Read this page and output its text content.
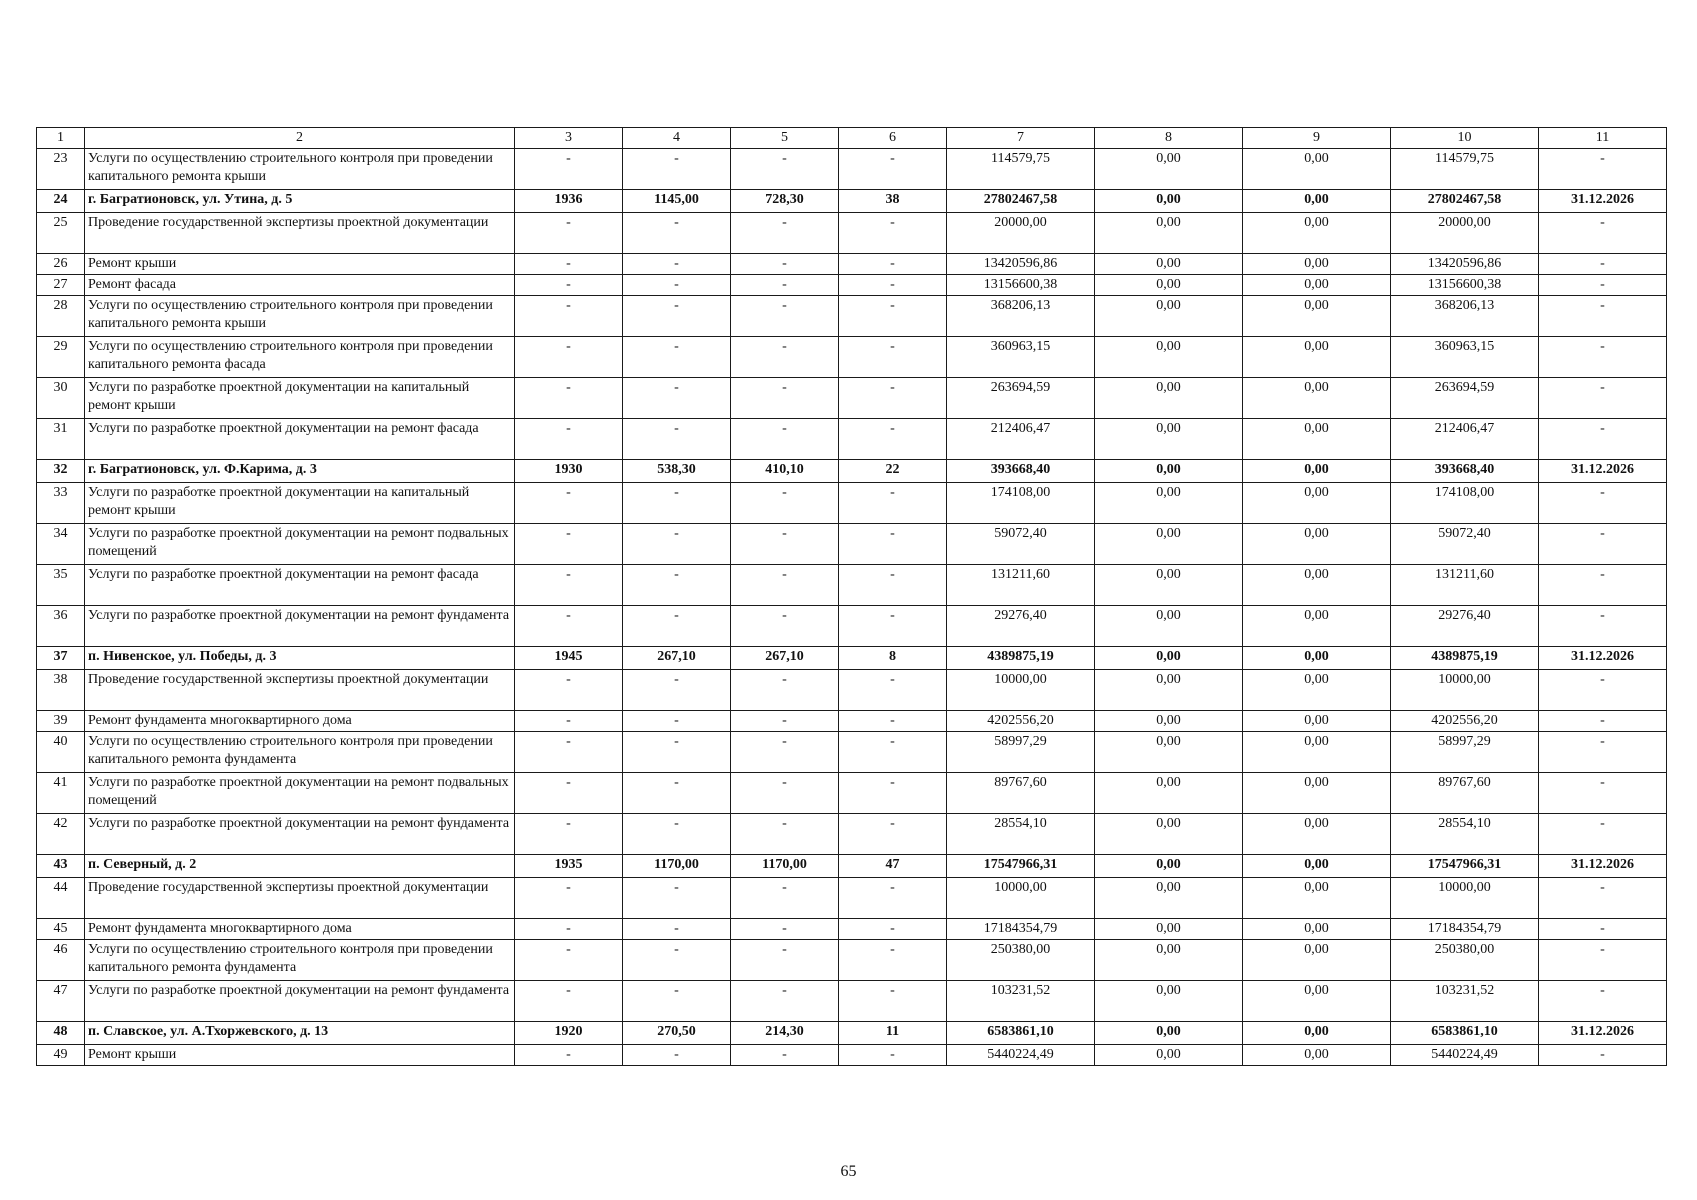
1	2	3	4	5	6	7	8	9	10	11
23	Услуги по осуществлению строительного контроля при проведении капитального ремонта крыши	-	-	-	-	114579,75	0,00	0,00	114579,75	-
24	г. Багратионовск, ул. Утина, д. 5	1936	1145,00	728,30	38	27802467,58	0,00	0,00	27802467,58	31.12.2026
25	Проведение государственной экспертизы проектной документации	-	-	-	-	20000,00	0,00	0,00	20000,00	-
26	Ремонт крыши	-	-	-	-	13420596,86	0,00	0,00	13420596,86	-
27	Ремонт фасада	-	-	-	-	13156600,38	0,00	0,00	13156600,38	-
28	Услуги по осуществлению строительного контроля при проведении капитального ремонта крыши	-	-	-	-	368206,13	0,00	0,00	368206,13	-
29	Услуги по осуществлению строительного контроля при проведении капитального ремонта фасада	-	-	-	-	360963,15	0,00	0,00	360963,15	-
30	Услуги по разработке проектной документации на капитальный ремонт крыши	-	-	-	-	263694,59	0,00	0,00	263694,59	-
31	Услуги по разработке проектной документации на ремонт фасада	-	-	-	-	212406,47	0,00	0,00	212406,47	-
32	г. Багратионовск, ул. Ф.Карима, д. 3	1930	538,30	410,10	22	393668,40	0,00	0,00	393668,40	31.12.2026
33	Услуги по разработке проектной документации на капитальный ремонт крыши	-	-	-	-	174108,00	0,00	0,00	174108,00	-
34	Услуги по разработке проектной документации на ремонт подвальных помещений	-	-	-	-	59072,40	0,00	0,00	59072,40	-
35	Услуги по разработке проектной документации на ремонт фасада	-	-	-	-	131211,60	0,00	0,00	131211,60	-
36	Услуги по разработке проектной документации на ремонт фундамента	-	-	-	-	29276,40	0,00	0,00	29276,40	-
37	п. Нивенское, ул. Победы, д. 3	1945	267,10	267,10	8	4389875,19	0,00	0,00	4389875,19	31.12.2026
38	Проведение государственной экспертизы проектной документации	-	-	-	-	10000,00	0,00	0,00	10000,00	-
39	Ремонт фундамента многоквартирного дома	-	-	-	-	4202556,20	0,00	0,00	4202556,20	-
40	Услуги по осуществлению строительного контроля при проведении капитального ремонта фундамента	-	-	-	-	58997,29	0,00	0,00	58997,29	-
41	Услуги по разработке проектной документации на ремонт подвальных помещений	-	-	-	-	89767,60	0,00	0,00	89767,60	-
42	Услуги по разработке проектной документации на ремонт фундамента	-	-	-	-	28554,10	0,00	0,00	28554,10	-
43	п. Северный, д. 2	1935	1170,00	1170,00	47	17547966,31	0,00	0,00	17547966,31	31.12.2026
44	Проведение государственной экспертизы проектной документации	-	-	-	-	10000,00	0,00	0,00	10000,00	-
45	Ремонт фундамента многоквартирного дома	-	-	-	-	17184354,79	0,00	0,00	17184354,79	-
46	Услуги по осуществлению строительного контроля при проведении капитального ремонта фундамента	-	-	-	-	250380,00	0,00	0,00	250380,00	-
47	Услуги по разработке проектной документации на ремонт фундамента	-	-	-	-	103231,52	0,00	0,00	103231,52	-
48	п. Славское, ул. А.Тхоржевского, д. 13	1920	270,50	214,30	11	6583861,10	0,00	0,00	6583861,10	31.12.2026
49	Ремонт крыши	-	-	-	-	5440224,49	0,00	0,00	5440224,49	-
65
